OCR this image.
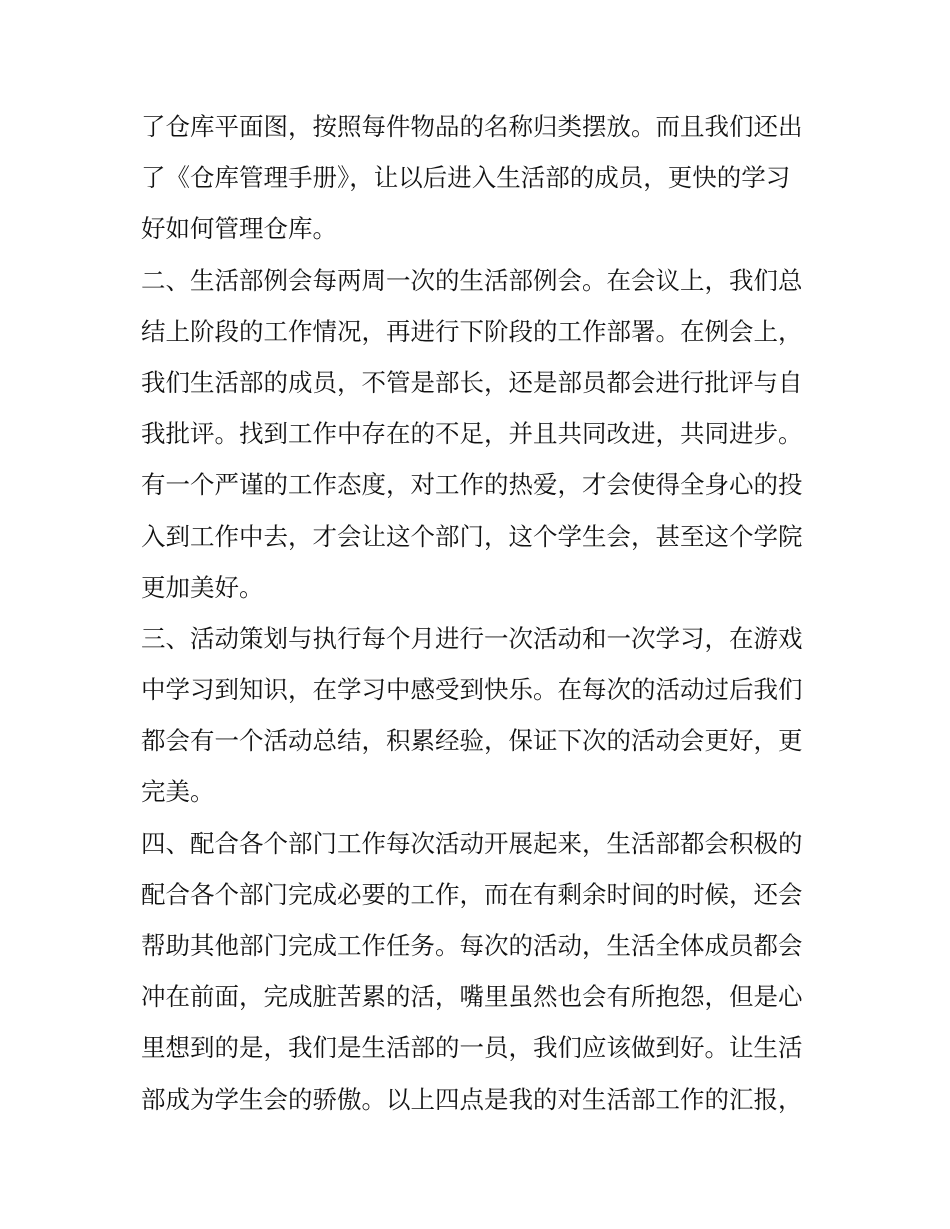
了仓库平面图，按照每件物品的名称归类摆放。而且我们还出
了《仓库管理手册》，让以后进入生活部的成员，更快的学习
好如何管理仓库。
二、生活部例会每两周一次的生活部例会。在会议上，我们总
结上阶段的工作情况，再进行下阶段的工作部署。在例会上，
我们生活部的成员，不管是部长，还是部员都会进行批评与自
我批评。找到工作中存在的不足，并且共同改进，共同进步。
有一个严谨的工作态度，对工作的热爱，才会使得全身心的投
入到工作中去，才会让这个部门，这个学生会，甚至这个学院
更加美好。
三、活动策划与执行每个月进行一次活动和一次学习，在游戏
中学习到知识，在学习中感受到快乐。在每次的活动过后我们
都会有一个活动总结，积累经验，保证下次的活动会更好，更
完美。
四、配合各个部门工作每次活动开展起来，生活部都会积极的
配合各个部门完成必要的工作，而在有剩余时间的时候，还会
帮助其他部门完成工作任务。每次的活动，生活全体成员都会
冲在前面，完成脏苦累的活，嘴里虽然也会有所抱怨，但是心
里想到的是，我们是生活部的一员，我们应该做到好。让生活
部成为学生会的骄傲。以上四点是我的对生活部工作的汇报，
